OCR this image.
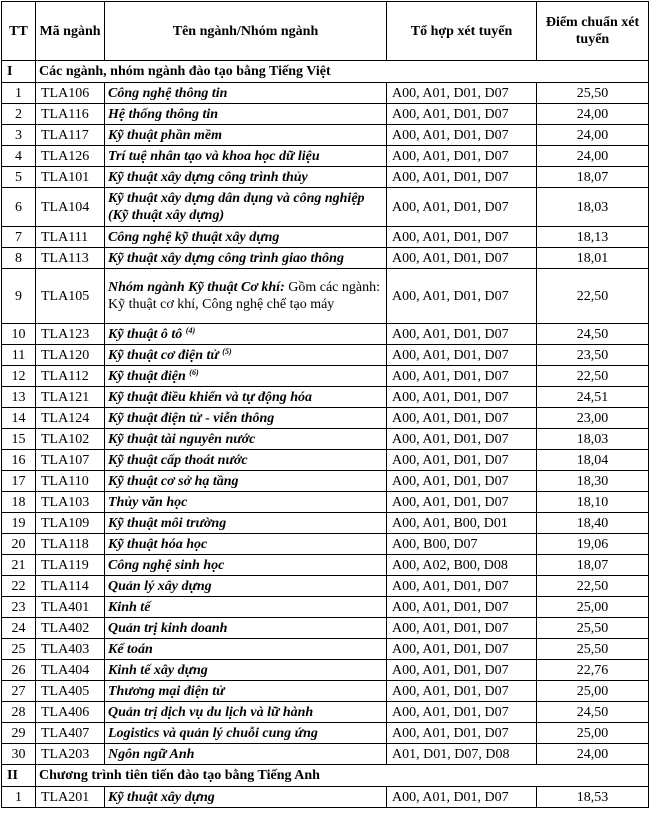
TT	Mã ngành	Tên ngành/Nhóm ngành	Tổ hợp xét tuyển	Điểm chuẩn xét tuyển
I	Các ngành, nhóm ngành đào tạo bằng Tiếng Việt			
1	TLA106	Công nghệ thông tin	A00, A01, D01, D07	25,50
2	TLA116	Hệ thống thông tin	A00, A01, D01, D07	24,00
3	TLA117	Kỹ thuật phần mềm	A00, A01, D01, D07	24,00
4	TLA126	Trí tuệ nhân tạo và khoa học dữ liệu	A00, A01, D01, D07	24,00
5	TLA101	Kỹ thuật xây dựng công trình thủy	A00, A01, D01, D07	18,07
6	TLA104	Kỹ thuật xây dựng dân dụng và công nghiệp (Kỹ thuật xây dựng)	A00, A01, D01, D07	18,03
7	TLA111	Công nghệ kỹ thuật xây dựng	A00, A01, D01, D07	18,13
8	TLA113	Kỹ thuật xây dựng công trình giao thông	A00, A01, D01, D07	18,01
9	TLA105	Nhóm ngành Kỹ thuật Cơ khí: Gồm các ngành: Kỹ thuật cơ khí, Công nghệ chế tạo máy	A00, A01, D01, D07	22,50
10	TLA123	Kỹ thuật ô tô $^{(4)}$	A00, A01, D01, D07	24,50
11	TLA120	Kỹ thuật cơ điện tử $^{(5)}$	A00, A01, D01, D07	23,50
12	TLA112	Kỹ thuật điện $^{(6)}$	A00, A01, D01, D07	22,50
13	TLA121	Kỹ thuật điều khiển và tự động hóa	A00, A01, D01, D07	24,51
14	TLA124	Kỹ thuật điện tử - viễn thông	A00, A01, D01, D07	23,00
15	TLA102	Kỹ thuật tài nguyên nước	A00, A01, D01, D07	18,03
16	TLA107	Kỹ thuật cấp thoát nước	A00, A01, D01, D07	18,04
17	TLA110	Kỹ thuật cơ sở hạ tầng	A00, A01, D01, D07	18,30
18	TLA103	Thủy văn học	A00, A01, D01, D07	18,10
19	TLA109	Kỹ thuật môi trường	A00, A01, B00, D01	18,40
20	TLA118	Kỹ thuật hóa học	A00, B00, D07	19,06
21	TLA119	Công nghệ sinh học	A00, A02, B00, D08	18,07
22	TLA114	Quản lý xây dựng	A00, A01, D01, D07	22,50
23	TLA401	Kinh tế	A00, A01, D01, D07	25,00
24	TLA402	Quản trị kinh doanh	A00, A01, D01, D07	25,50
25	TLA403	Kế toán	A00, A01, D01, D07	25,50
26	TLA404	Kinh tế xây dựng	A00, A01, D01, D07	22,76
27	TLA405	Thương mại điện tử	A00, A01, D01, D07	25,00
28	TLA406	Quản trị dịch vụ du lịch và lữ hành	A00, A01, D01, D07	24,50
29	TLA407	Logistics và quản lý chuỗi cung ứng	A00, A01, D01, D07	25,00
30	TLA203	Ngôn ngữ Anh	A01, D01, D07, D08	24,00
II	Chương trình tiên tiến đào tạo bằng Tiếng Anh			
1	TLA201	Kỹ thuật xây dựng	A00, A01, D01, D07	18,53
